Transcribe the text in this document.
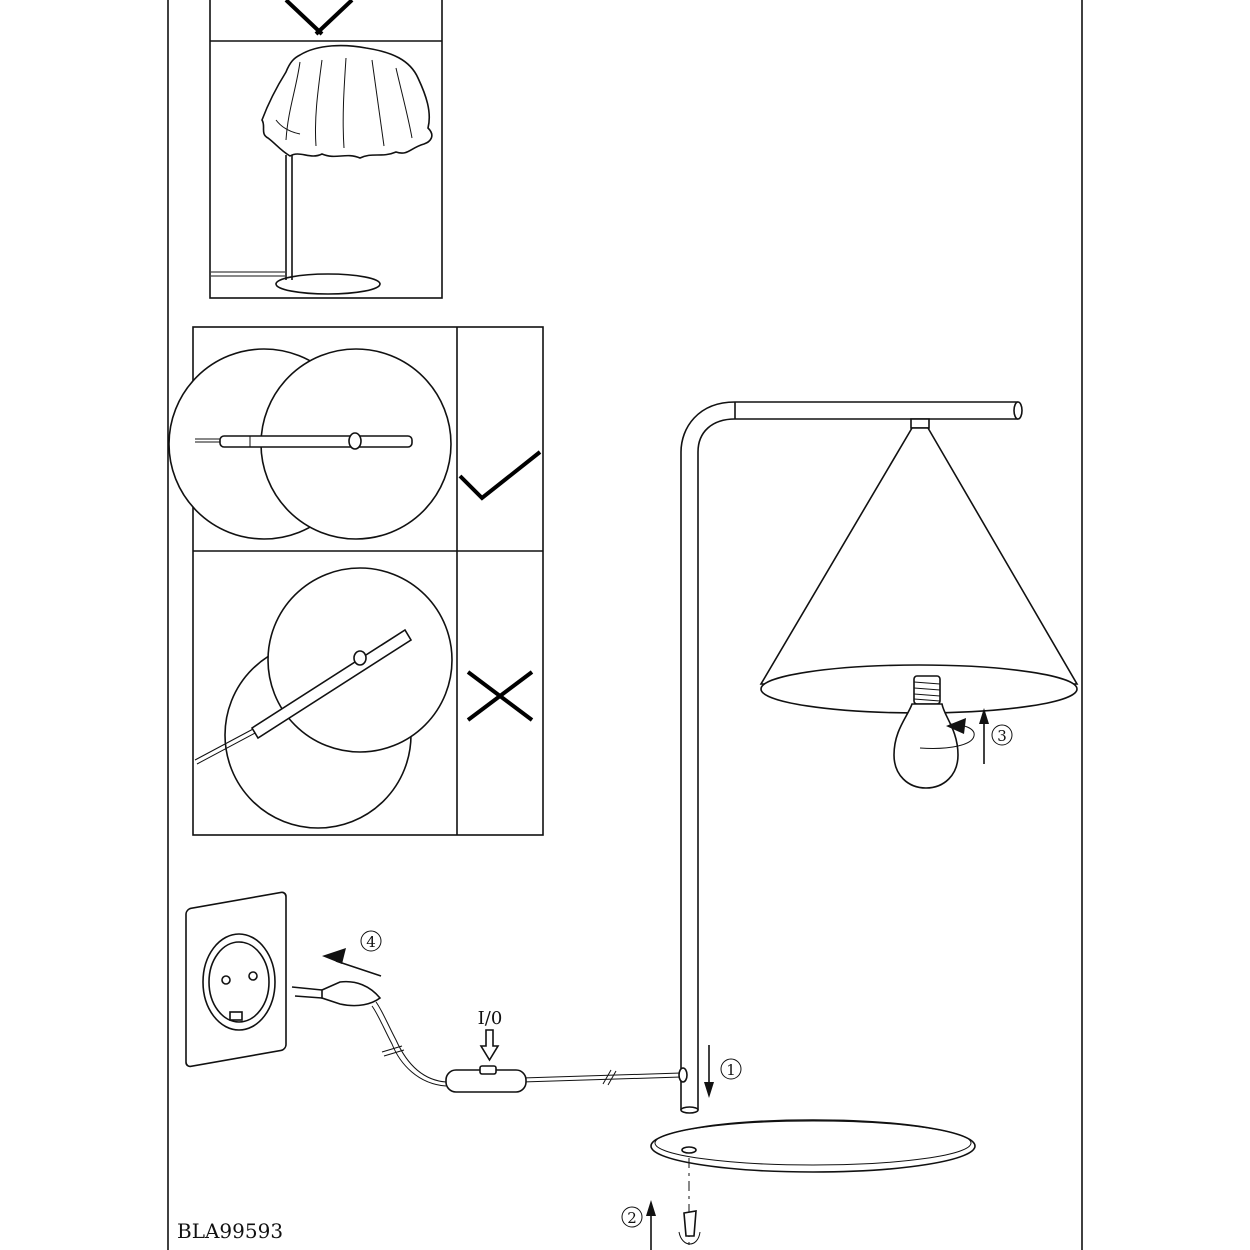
1
2
3
4
I/0
BLA99593
